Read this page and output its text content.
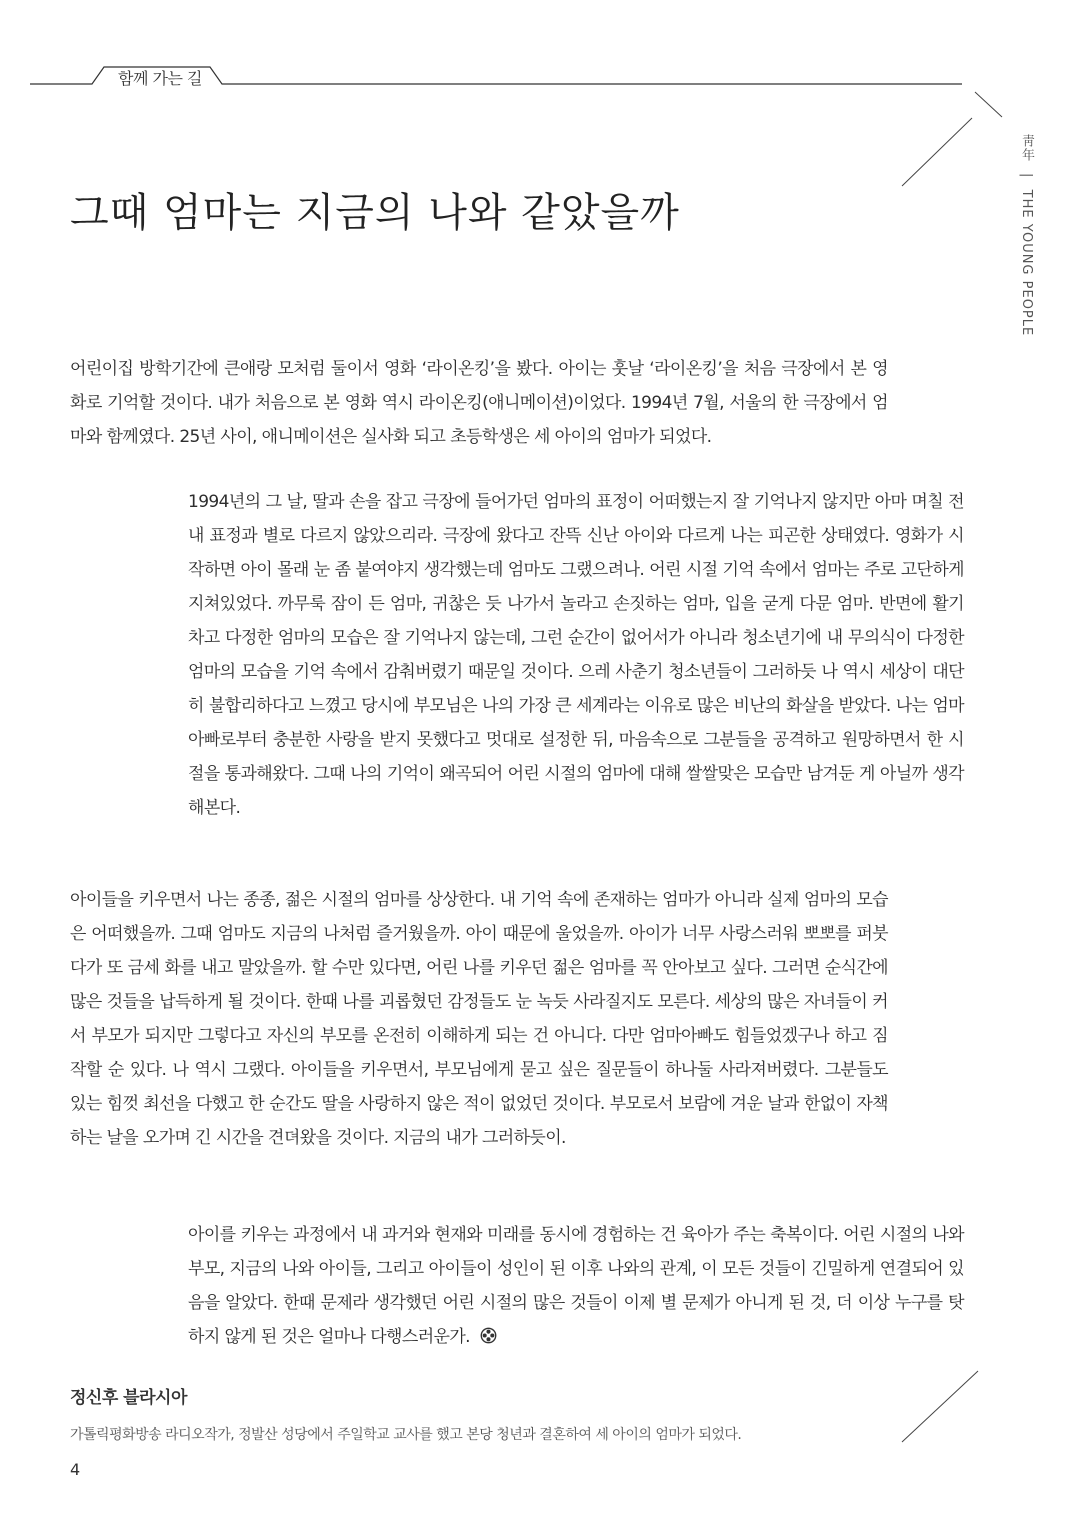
함께 가는 길
靑年 | THE YOUNG PEOPLE
그때 엄마는 지금의 나와 같았을까

어린이집 방학기간에 큰애랑 모처럼 둘이서 영화 ‘라이온킹’을 봤다. 아이는 훗날 ‘라이온킹’을 처음 극장에서 본 영화로 기억할 것이다. 내가 처음으로 본 영화 역시 라이온킹(애니메이션)이었다. 1994년 7월, 서울의 한 극장에서 엄마와 함께였다. 25년 사이, 애니메이션은 실사화 되고 초등학생은 세 아이의 엄마가 되었다.

1994년의 그 날, 딸과 손을 잡고 극장에 들어가던 엄마의 표정이 어떠했는지 잘 기억나지 않지만 아마 며칠 전 내 표정과 별로 다르지 않았으리라. 극장에 왔다고 잔뜩 신난 아이와 다르게 나는 피곤한 상태였다. 영화가 시작하면 아이 몰래 눈 좀 붙여야지 생각했는데 엄마도 그랬으려나. 어린 시절 기억 속에서 엄마는 주로 고단하게 지쳐있었다. 까무룩 잠이 든 엄마, 귀찮은 듯 나가서 놀라고 손짓하는 엄마, 입을 굳게 다문 엄마. 반면에 활기차고 다정한 엄마의 모습은 잘 기억나지 않는데, 그런 순간이 없어서가 아니라 청소년기에 내 무의식이 다정한 엄마의 모습을 기억 속에서 감춰버렸기 때문일 것이다. 으레 사춘기 청소년들이 그러하듯 나 역시 세상이 대단히 불합리하다고 느꼈고 당시에 부모님은 나의 가장 큰 세계라는 이유로 많은 비난의 화살을 받았다. 나는 엄마아빠로부터 충분한 사랑을 받지 못했다고 멋대로 설정한 뒤, 마음속으로 그분들을 공격하고 원망하면서 한 시절을 통과해왔다. 그때 나의 기억이 왜곡되어 어린 시절의 엄마에 대해 쌀쌀맞은 모습만 남겨둔 게 아닐까 생각해본다.

아이들을 키우면서 나는 종종, 젊은 시절의 엄마를 상상한다. 내 기억 속에 존재하는 엄마가 아니라 실제 엄마의 모습은 어떠했을까. 그때 엄마도 지금의 나처럼 즐거웠을까. 아이 때문에 울었을까. 아이가 너무 사랑스러워 뽀뽀를 퍼붓다가 또 금세 화를 내고 말았을까. 할 수만 있다면, 어린 나를 키우던 젊은 엄마를 꼭 안아보고 싶다. 그러면 순식간에 많은 것들을 납득하게 될 것이다. 한때 나를 괴롭혔던 감정들도 눈 녹듯 사라질지도 모른다. 세상의 많은 자녀들이 커서 부모가 되지만 그렇다고 자신의 부모를 온전히 이해하게 되는 건 아니다. 다만 엄마아빠도 힘들었겠구나 하고 짐작할 순 있다. 나 역시 그랬다. 아이들을 키우면서, 부모님에게 묻고 싶은 질문들이 하나둘 사라져버렸다. 그분들도 있는 힘껏 최선을 다했고 한 순간도 딸을 사랑하지 않은 적이 없었던 것이다. 부모로서 보람에 겨운 날과 한없이 자책하는 날을 오가며 긴 시간을 견뎌왔을 것이다. 지금의 내가 그러하듯이.

아이를 키우는 과정에서 내 과거와 현재와 미래를 동시에 경험하는 건 육아가 주는 축복이다. 어린 시절의 나와 부모, 지금의 나와 아이들, 그리고 아이들이 성인이 된 이후 나와의 관계, 이 모든 것들이 긴밀하게 연결되어 있음을 알았다. 한때 문제라 생각했던 어린 시절의 많은 것들이 이제 별 문제가 아니게 된 것, 더 이상 누구를 탓하지 않게 된 것은 얼마나 다행스러운가.

정신후 블라시아

가톨릭평화방송 라디오작가, 정발산 성당에서 주일학교 교사를 했고 본당 청년과 결혼하여 세 아이의 엄마가 되었다.

4
